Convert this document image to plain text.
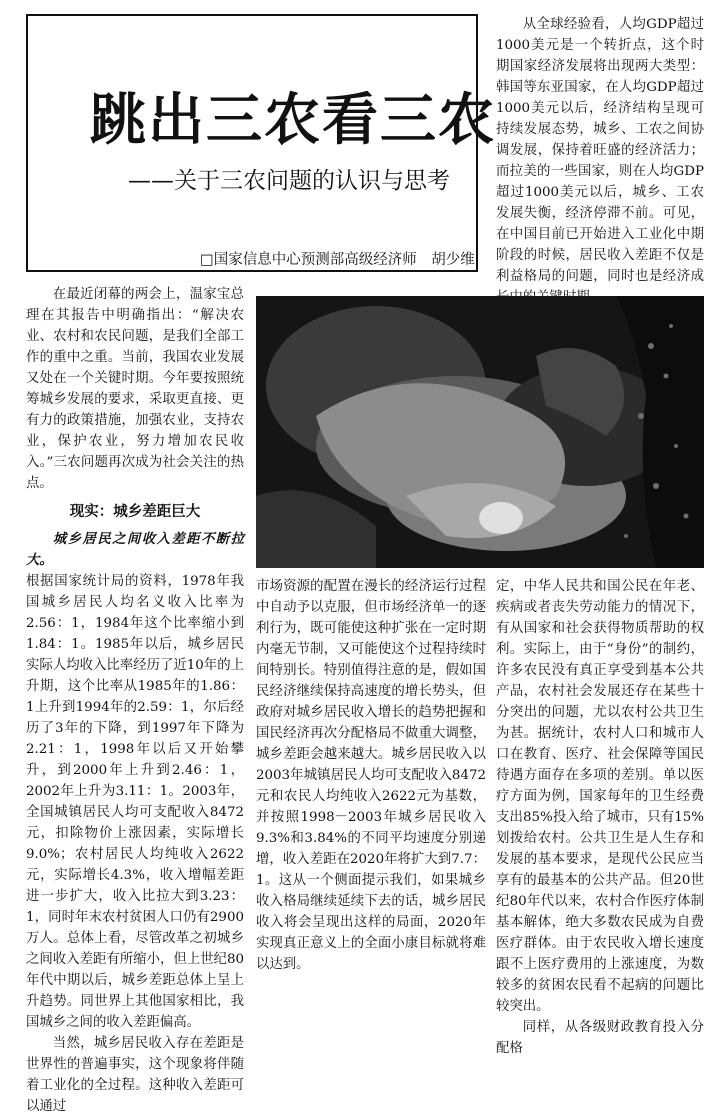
跳出三农看三农
——关于三农问题的认识与思考
□国家信息中心预测部高级经济师　胡少维

从全球经验看，人均GDP超过1000美元是一个转折点，这个时期国家经济发展将出现两大类型：韩国等东亚国家，在人均GDP超过1000美元以后，经济结构呈现可持续发展态势，城乡、工农之间协调发展，保持着旺盛的经济活力；而拉美的一些国家，则在人均GDP超过1000美元以后，城乡、工农发展失衡，经济停滞不前。可见，在中国目前已开始进入工业化中期阶段的时候，居民收入差距不仅是利益格局的问题，同时也是经济成

在最近闭幕的两会上，温家宝总理在其报告中明确指出：“解决农业、农村和农民问题，是我们全部工作的重中之重。当前，我国农业发展又处在一个关键时期。今年要按照统筹城乡发展的要求，采取更直接、更有力的政策措施，加强农业，支持农业，保护农业，努力增加农民收入。”三农问题再次成为社会关注的热点。

现实：城乡差距巨大

城乡居民之间收入差距不断拉大。

根据国家统计局的资料，1978年我国城乡居民人均名义收入比率为2.56：1，1984年这个比率缩小到1.84：1。1985年以后，城乡居民实际人均收入比率经历了近10年的上升期，这个比率从1985年的1.86：1上升到1994年的2.59：1，尔后经历了3年的下降，到1997年下降为2.21：1，1998年以后又开始攀升，到2000年上升到2.46：1，2002年上升为3.11：1。2003年，全国城镇居民人均可支配收入8472元，扣除物价上涨因素，实际增长9.0%；农村居民人均纯收入2622元，实际增长4.3%，收入增幅差距进一步扩大，收入比拉大到3.23：1，同时年末农村贫困人口仍有2900万人。总体上看，尽管改革之初城乡之间收入差距有所缩小，但上世纪80年代中期以后，城乡差距总体上呈上升趋势。同世界上其他国家相比，我国城乡之间的收入差距偏高。

当然，城乡居民收入存在差距是世界性的普遍事实，这个现象将伴随着工业化的全过程。这种收入差距可以通过

市场资源的配置在漫长的经济运行过程中自动予以克服，但市场经济单一的逐利行为，既可能使这种扩张在一定时期内毫无节制，又可能使这个过程持续时间特别长。特别值得注意的是，假如国民经济继续保持高速度的增长势头，但政府对城乡居民收入增长的趋势把握和国民经济再次分配格局不做重大调整，城乡差距会越来越大。城乡居民收入以2003年城镇居民人均可支配收入8472元和农民人均纯收入2622元为基数，并按照1998－2003年城乡居民收入9.3%和3.84%的不同平均速度分别递增，收入差距在2020年将扩大到7.7：1。这从一个侧面提示我们，如果城乡收入格局继续延续下去的话，城乡居民收入将会呈现出这样的局面，2020年实现真正意义上的全面小康目标就将难以达到。

定，中华人民共和国公民在年老、疾病或者丧失劳动能力的情况下，有从国家和社会获得物质帮助的权利。实际上，由于“身份”的制约，许多农民没有真正享受到基本公共产品，农村社会发展还存在某些十分突出的问题，尤以农村公共卫生为甚。据统计，农村人口和城市人口在教育、医疗、社会保障等国民待遇方面存在多项的差别。单以医疗方面为例，国家每年的卫生经费支出85%投入给了城市，只有15%划拨给农村。公共卫生是人生存和发展的基本要求，是现代公民应当享有的最基本的公共产品。但20世纪80年代以来，农村合作医疗体制基本解体，绝大多数农民成为自费医疗群体。由于农民收入增长速度跟不上医疗费用的上涨速度，为数较多的贫困农民看不起病的问题比较突出。

同样，从各级财政教育投入分配格
